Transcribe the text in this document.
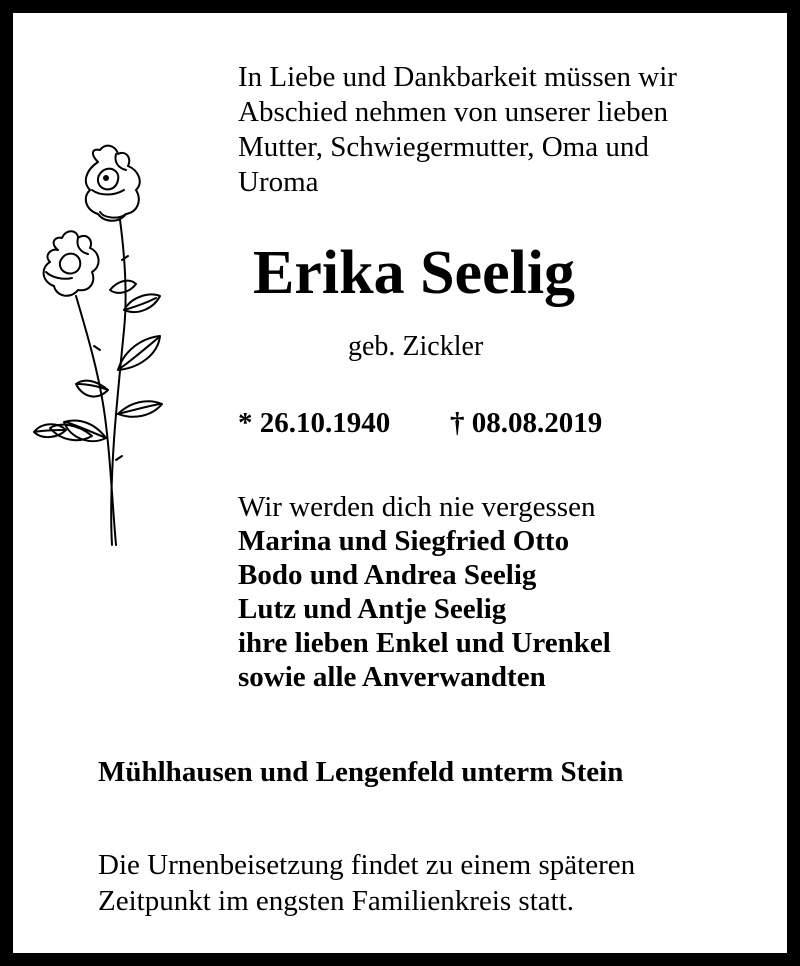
In Liebe und Dankbarkeit müssen wir
Abschied nehmen von unserer lieben
Mutter, Schwiegermutter, Oma und
Uroma
Erika Seelig
geb. Zickler
* 26.10.1940 † 08.08.2019
Wir werden dich nie vergessen
Marina und Siegfried Otto
Bodo und Andrea Seelig
Lutz und Antje Seelig
ihre lieben Enkel und Urenkel
sowie alle Anverwandten
Mühlhausen und Lengenfeld unterm Stein
Die Urnenbeisetzung findet zu einem späteren
Zeitpunkt im engsten Familienkreis statt.
